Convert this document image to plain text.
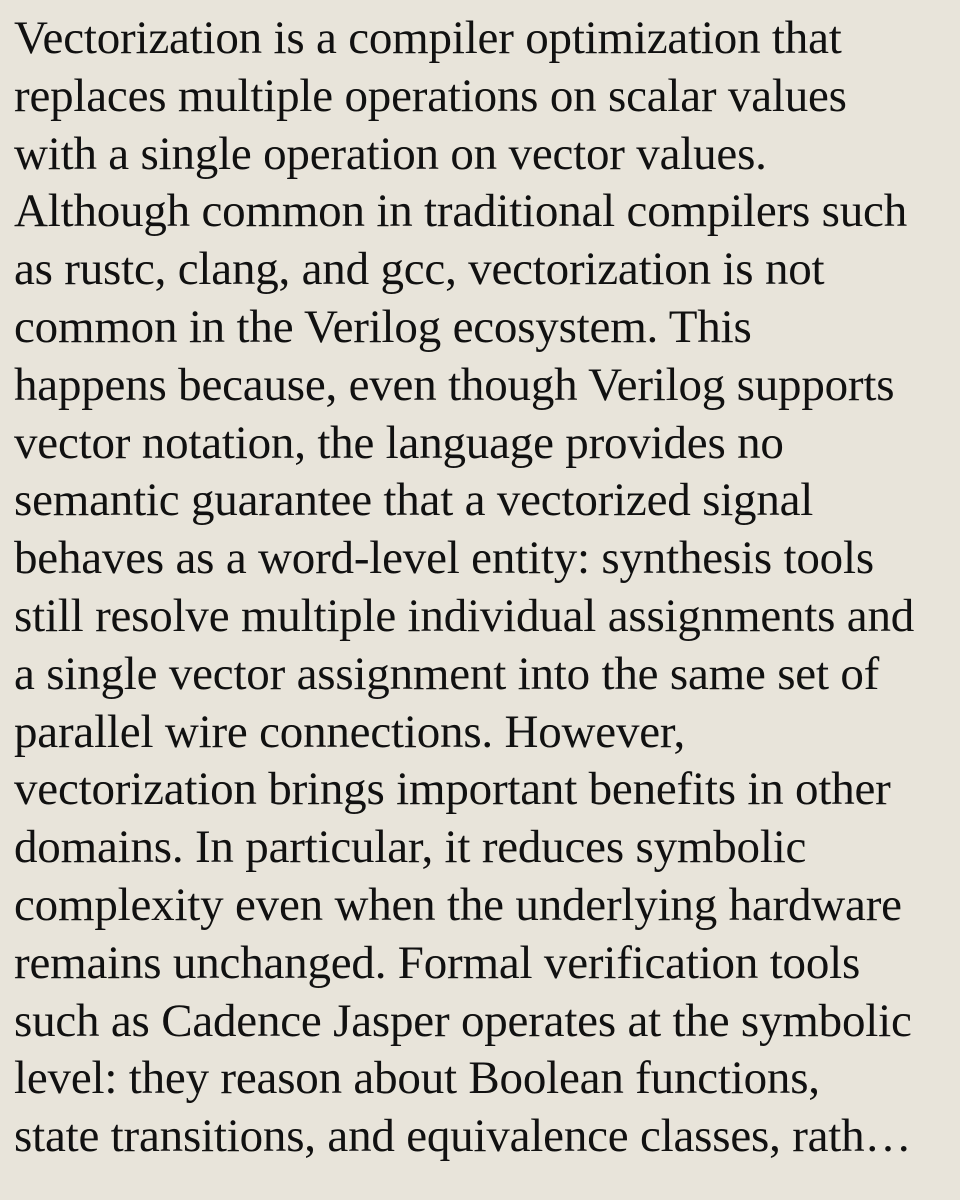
Vectorization is a compiler optimization that
replaces multiple operations on scalar values
with a single operation on vector values.
Although common in traditional compilers such
as rustc, clang, and gcc, vectorization is not
common in the Verilog ecosystem. This
happens because, even though Verilog supports
vector notation, the language provides no
semantic guarantee that a vectorized signal
behaves as a word-level entity: synthesis tools
still resolve multiple individual assignments and
a single vector assignment into the same set of
parallel wire connections. However,
vectorization brings important benefits in other
domains. In particular, it reduces symbolic
complexity even when the underlying hardware
remains unchanged. Formal verification tools
such as Cadence Jasper operates at the symbolic
level: they reason about Boolean functions,
state transitions, and equivalence classes, rath…
